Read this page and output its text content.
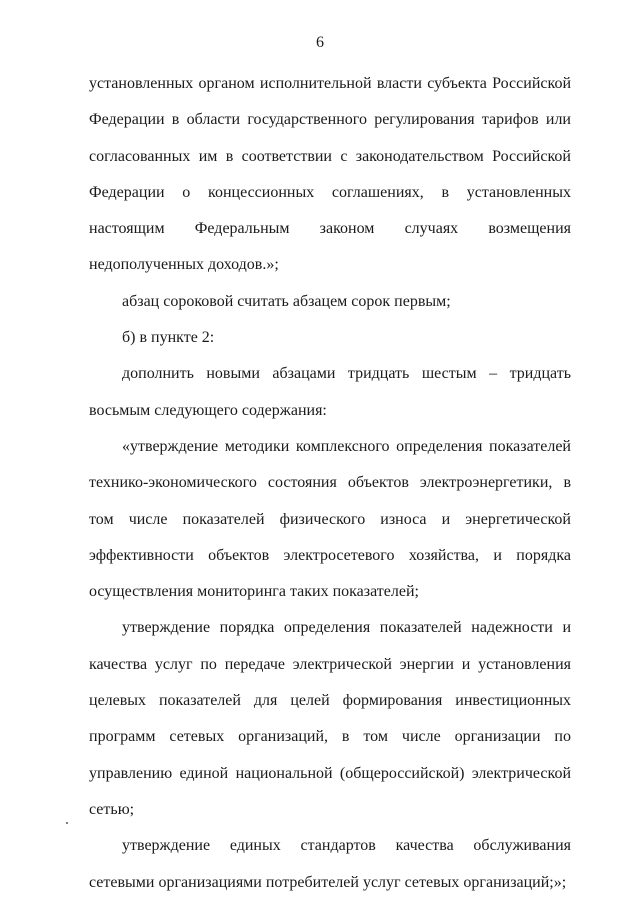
6

установленных органом исполнительной власти субъекта Российской Федерации в области государственного регулирования тарифов или согласованных им в соответствии с законодательством Российской Федерации о концессионных соглашениях, в установленных настоящим Федеральным законом случаях возмещения недополученных доходов.»;

абзац сороковой считать абзацем сорок первым;

б) в пункте 2:

дополнить новыми абзацами тридцать шестым – тридцать восьмым следующего содержания:

«утверждение методики комплексного определения показателей технико-экономического состояния объектов электроэнергетики, в том числе показателей физического износа и энергетической эффективности объектов электросетевого хозяйства, и порядка осуществления мониторинга таких показателей;

утверждение порядка определения показателей надежности и качества услуг по передаче электрической энергии и установления целевых показателей для целей формирования инвестиционных программ сетевых организаций, в том числе организации по управлению единой национальной (общероссийской) электрической сетью;

утверждение единых стандартов качества обслуживания сетевыми организациями потребителей услуг сетевых организаций;»;
